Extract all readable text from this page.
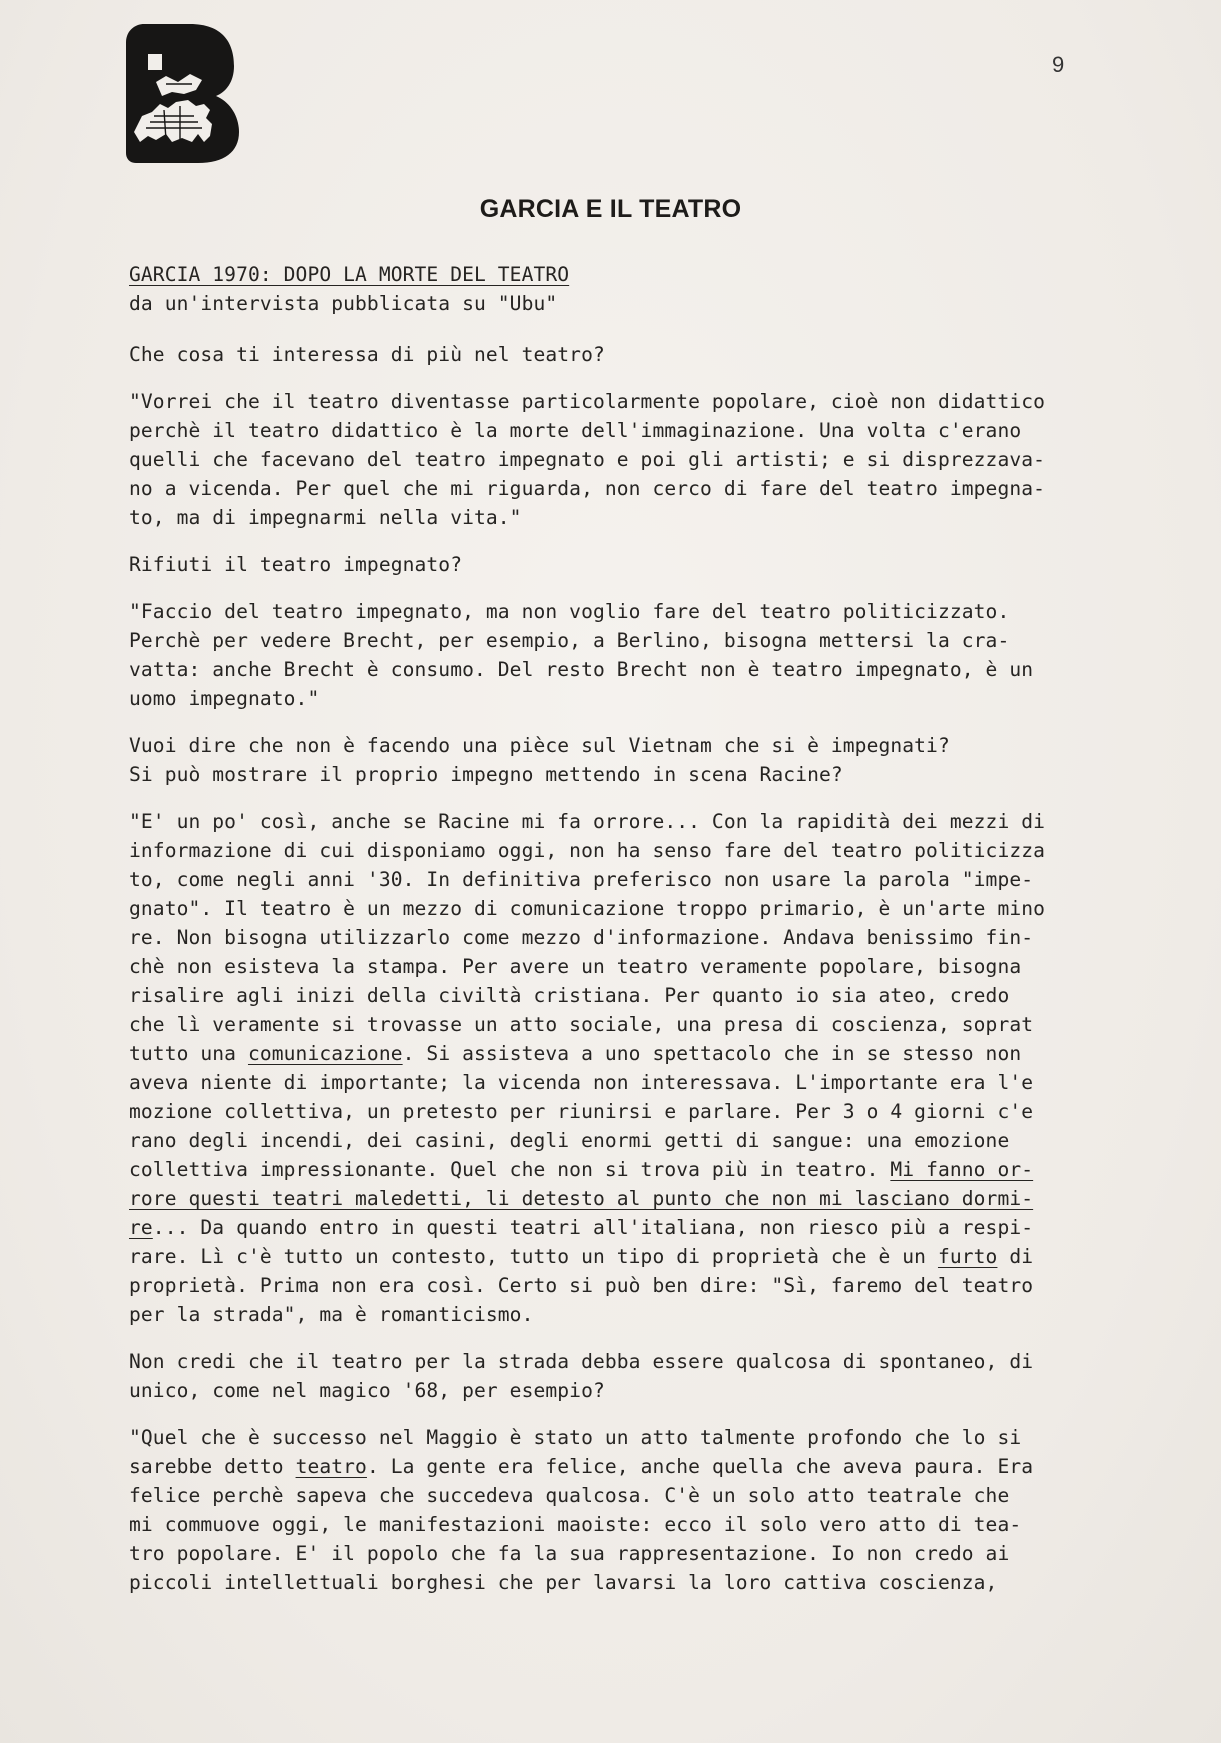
9
GARCIA E IL TEATRO

GARCIA 1970: DOPO LA MORTE DEL TEATRO

da un'intervista pubblicata su "Ubu"

Che cosa ti interessa di più nel teatro?

"Vorrei che il teatro diventasse particolarmente popolare, cioè non didattico

perchè il teatro didattico è la morte dell'immaginazione. Una volta c'erano

quelli che facevano del teatro impegnato e poi gli artisti; e si disprezzava-

no a vicenda. Per quel che mi riguarda, non cerco di fare del teatro impegna-

to, ma di impegnarmi nella vita."

Rifiuti il teatro impegnato?

"Faccio del teatro impegnato, ma non voglio fare del teatro politicizzato.

Perchè per vedere Brecht, per esempio, a Berlino, bisogna mettersi la cra-

vatta: anche Brecht è consumo. Del resto Brecht non è teatro impegnato, è un

uomo impegnato."

Vuoi dire che non è facendo una pièce sul Vietnam che si è impegnati?

Si può mostrare il proprio impegno mettendo in scena Racine?

"E' un po' così, anche se Racine mi fa orrore... Con la rapidità dei mezzi di

informazione di cui disponiamo oggi, non ha senso fare del teatro politicizza

to, come negli anni '30. In definitiva preferisco non usare la parola "impe-

gnato". Il teatro è un mezzo di comunicazione troppo primario, è un'arte mino

re. Non bisogna utilizzarlo come mezzo d'informazione. Andava benissimo fin-

chè non esisteva la stampa. Per avere un teatro veramente popolare, bisogna

risalire agli inizi della civiltà cristiana. Per quanto io sia ateo, credo

che lì veramente si trovasse un atto sociale, una presa di coscienza, soprat

tutto una comunicazione. Si assisteva a uno spettacolo che in se stesso non

aveva niente di importante; la vicenda non interessava. L'importante era l'e

mozione collettiva, un pretesto per riunirsi e parlare. Per 3 o 4 giorni c'e

rano degli incendi, dei casini, degli enormi getti di sangue: una emozione

collettiva impressionante. Quel che non si trova più in teatro. Mi fanno or-

rore questi teatri maledetti, li detesto al punto che non mi lasciano dormi-

re... Da quando entro in questi teatri all'italiana, non riesco più a respi-

rare. Lì c'è tutto un contesto, tutto un tipo di proprietà che è un furto di

proprietà. Prima non era così. Certo si può ben dire: "Sì, faremo del teatro

per la strada", ma è romanticismo.

Non credi che il teatro per la strada debba essere qualcosa di spontaneo, di

unico, come nel magico '68, per esempio?

"Quel che è successo nel Maggio è stato un atto talmente profondo che lo si

sarebbe detto teatro. La gente era felice, anche quella che aveva paura. Era

felice perchè sapeva che succedeva qualcosa. C'è un solo atto teatrale che

mi commuove oggi, le manifestazioni maoiste: ecco il solo vero atto di tea-

tro popolare. E' il popolo che fa la sua rappresentazione. Io non credo ai

piccoli intellettuali borghesi che per lavarsi la loro cattiva coscienza,
